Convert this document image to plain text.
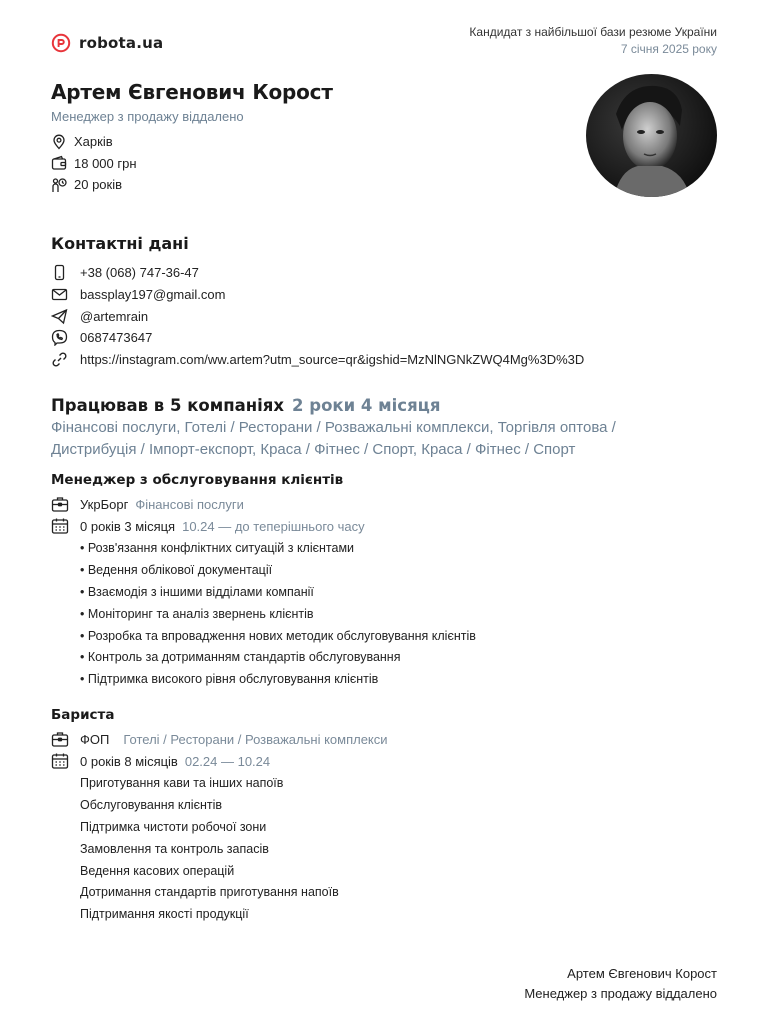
robota.ua
Кандидат з найбільшої бази резюме України
7 січня 2025 року
Артем Євгенович Корост
Менеджер з продажу віддалено
Харків
18 000 грн
20 років
Контактні дані
+38 (068) 747-36-47
bassplay197@gmail.com
@artemrain
0687473647
https://instagram.com/ww.artem?utm_source=qr&igshid=MzNlNGNkZWQ4Mg%3D%3D
Працював в 5 компаніях 2 роки 4 місяця
Фінансові послуги, Готелі / Ресторани / Розважальні комплекси, Торгівля оптова / Дистрибуція / Імпорт-експорт, Краса / Фітнес / Спорт, Краса / Фітнес / Спорт
Менеджер з обслуговування клієнтів
УкрБорг Фінансові послуги
0 років 3 місяця 10.24 — до теперішнього часу
• Розв'язання конфліктних ситуацій з клієнтами
• Ведення облікової документації
• Взаємодія з іншими відділами компанії
• Моніторинг та аналіз звернень клієнтів
• Розробка та впровадження нових методик обслуговування клієнтів
• Контроль за дотриманням стандартів обслуговування
• Підтримка високого рівня обслуговування клієнтів
Бариста
ФОП Готелі / Ресторани / Розважальні комплекси
0 років 8 місяців 02.24 — 10.24
Приготування кави та інших напоїв
Обслуговування клієнтів
Підтримка чистоти робочої зони
Замовлення та контроль запасів
Ведення касових операцій
Дотримання стандартів приготування напоїв
Підтримання якості продукції
Артем Євгенович Корост
Менеджер з продажу віддалено
